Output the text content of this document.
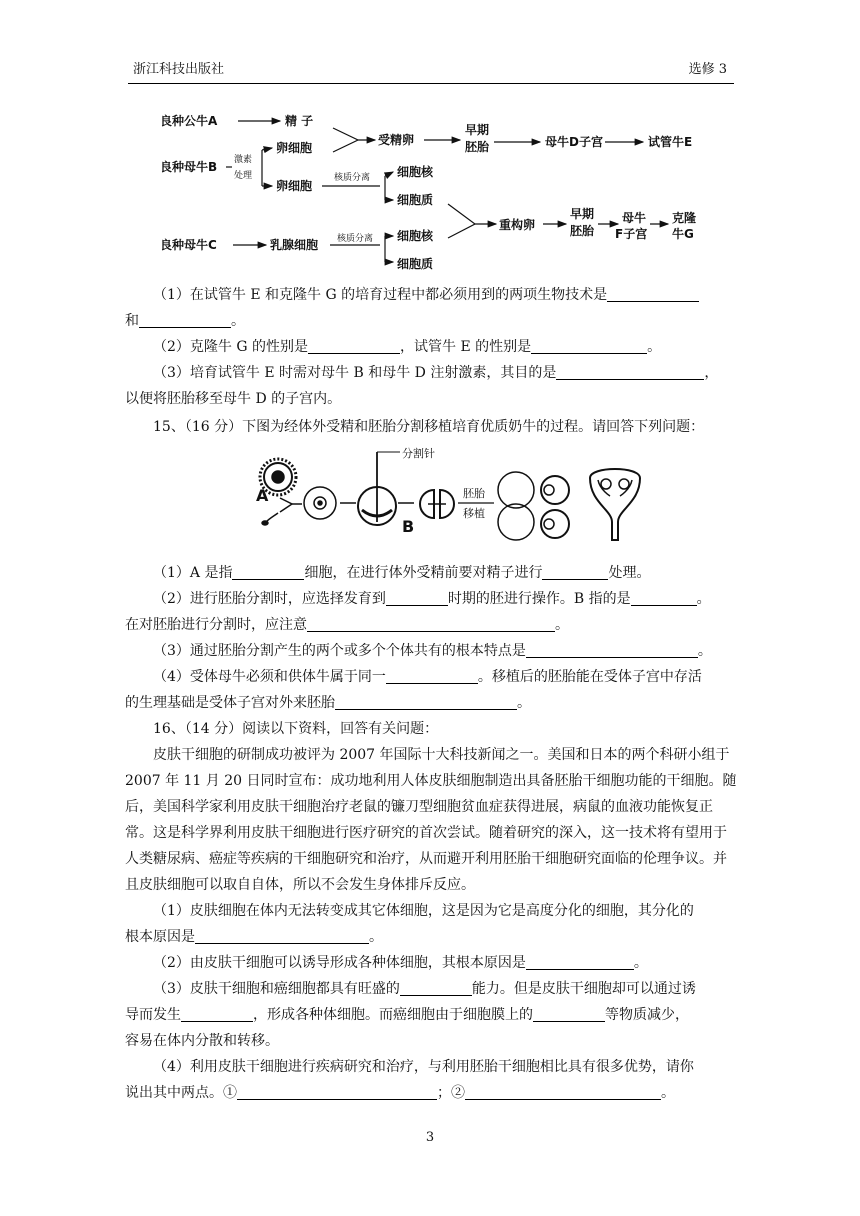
浙江科技出版社	选修 3
良种公牛A	精 子
良种母牛B
卵细胞
卵细胞
受精卵
早期
胚胎	母牛D子宫	试管牛E
细胞核
细胞质
重构卵
早期
胚胎
母牛
F子宫
克隆
牛G
良种母牛C	乳腺细胞
细胞核
细胞质
激素
处理	核质分离
核质分离

（1）在试管牛 E 和克隆牛 G 的培育过程中都必须用到的两项生物技术是

和	。

（2）克隆牛 G 的性别是	，试管牛 E 的性别是	。

（3）培育试管牛 E 时需对母牛 B 和母牛 D 注射激素，其目的是	，

以便将胚胎移至母牛 D 的子宫内。

15、（16 分）下图为经体外受精和胚胎分割移植培育优质奶牛的过程。请回答下列问题：

A
B
分割针
胚胎
移植

（1）A 是指	细胞，在进行体外受精前要对精子进行	处理。

（2）进行胚胎分割时，应选择发育到	时期的胚进行操作。B 指的是	。

在对胚胎进行分割时，应注意	。

（3）通过胚胎分割产生的两个或多个个体共有的根本特点是	。

（4）受体母牛必须和供体牛属于同一	。移植后的胚胎能在受体子宫中存活

的生理基础是受体子宫对外来胚胎	。

16、（14 分）阅读以下资料，回答有关问题：

皮肤干细胞的研制成功被评为 2007 年国际十大科技新闻之一。美国和日本的两个科研小组于 2007 年 11 月 20 日同时宣布：成功地利用人体皮肤细胞制造出具备胚胎干细胞功能的干细胞。随后，美国科学家利用皮肤干细胞治疗老鼠的镰刀型细胞贫血症获得进展，病鼠的血液功能恢复正常。这是科学界利用皮肤干细胞进行医疗研究的首次尝试。随着研究的深入，这一技术将有望用于人类糖尿病、癌症等疾病的干细胞研究和治疗，从而避开利用胚胎干细胞研究面临的伦理争议。并且皮肤细胞可以取自自体，所以不会发生身体排斥反应。

（1）皮肤细胞在体内无法转变成其它体细胞，这是因为它是高度分化的细胞，其分化的

根本原因是	。

（2）由皮肤干细胞可以诱导形成各种体细胞，其根本原因是	。

（3）皮肤干细胞和癌细胞都具有旺盛的	能力。但是皮肤干细胞却可以通过诱

导而发生	，形成各种体细胞。而癌细胞由于细胞膜上的	等物质减少，

容易在体内分散和转移。

（4）利用皮肤干细胞进行疾病研究和治疗，与利用胚胎干细胞相比具有很多优势，请你

说出其中两点。①	；②	。

3
